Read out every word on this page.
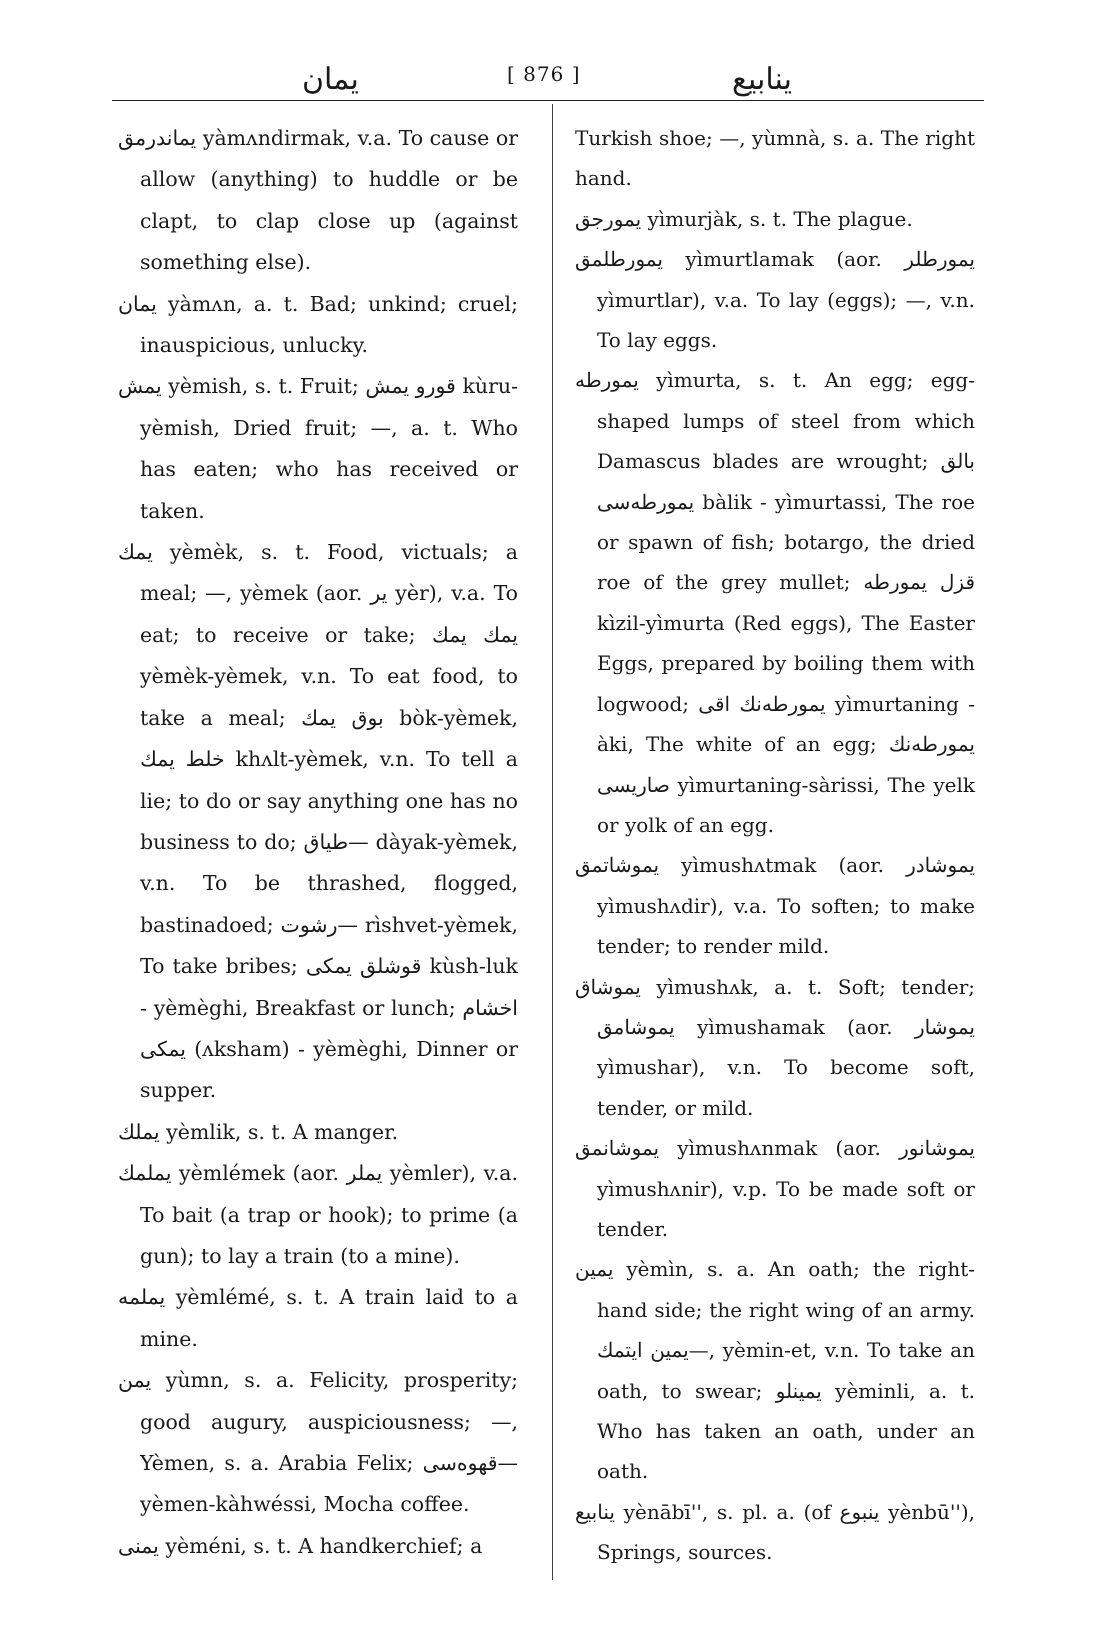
يمان	[ 876 ]	ينابيع

يماندرمق yàmʌndirmak, v.a. To cause or allow (anything) to huddle or be clapt, to clap close up (against something else).

يمان yàmʌn, a. t. Bad; unkind; cruel; inauspicious, unlucky.

يمش yèmish, s. t. Fruit; قورو يمش kùru-yèmish, Dried fruit; —, a. t. Who has eaten; who has received or taken.

يمك yèmèk, s. t. Food, victuals; a meal; —, yèmek (aor. ير yèr), v.a. To eat; to receive or take; يمك يمك yèmèk-yèmek, v.n. To eat food, to take a meal; بوق يمك bòk-yèmek, خلط يمك khʌlt-yèmek, v.n. To tell a lie; to do or say anything one has no business to do; طياق— dàyak-yèmek, v.n. To be thrashed, flogged, bastinadoed; رشوت— rìshvet-yèmek, To take bribes; قوشلق يمكى kùsh-luk - yèmèghi, Breakfast or lunch; اخشام يمكى (ʌksham) - yèmèghi, Dinner or supper.

يملك yèmlik, s. t. A manger.

يملمك yèmlémek (aor. يملر yèmler), v.a. To bait (a trap or hook); to prime (a gun); to lay a train (to a mine).

يملمه yèmlémé, s. t. A train laid to a mine.

يمن yùmn, s. a. Felicity, prosperity; good augury, auspiciousness; —, Yèmen, s. a. Arabia Felix; قهوه‌سى— yèmen-kàhwéssi, Mocha coffee.

يمنى yèméni, s. t. A handkerchief; a

Turkish shoe; —, yùmnà, s. a. The right hand.

يمورجق yìmurjàk, s. t. The plague.

يمورطلمق yìmurtlamak (aor. يمورطلر yìmurtlar), v.a. To lay (eggs); —, v.n. To lay eggs.

يمورطه yìmurta, s. t. An egg; egg-shaped lumps of steel from which Damascus blades are wrought; بالق يمورطه‌سى bàlik - yìmurtassi, The roe or spawn of fish; botargo, the dried roe of the grey mullet; قزل يمورطه kìzil-yìmurta (Red eggs), The Easter Eggs, prepared by boiling them with logwood; يمورطه‌نك اقى yìmurtaning - àki, The white of an egg; يمورطه‌نك صاريسى yìmurtaning-sàrissi, The yelk or yolk of an egg.

يموشاتمق yìmushʌtmak (aor. يموشادر yìmushʌdir), v.a. To soften; to make tender; to render mild.

يموشاق yìmushʌk, a. t. Soft; tender; يموشامق yìmushamak (aor. يموشار yìmushar), v.n. To become soft, tender, or mild.

يموشانمق yìmushʌnmak (aor. يموشانور yìmushʌnir), v.p. To be made soft or tender.

يمين yèmìn, s. a. An oath; the right-hand side; the right wing of an army. يمين ايتمك—, yèmin-et, v.n. To take an oath, to swear; يمينلو yèminli, a. t. Who has taken an oath, under an oath.

ينابيع yènābī'', s. pl. a. (of ينبوع yènbū''), Springs, sources.
